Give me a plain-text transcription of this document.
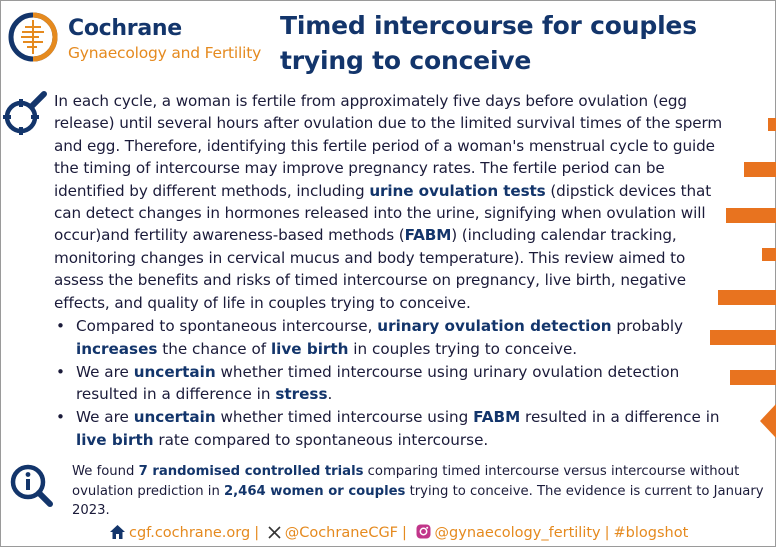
Cochrane
Gynaecology and Fertility
Timed intercourse for couples trying to conceive
In each cycle, a woman is fertile from approximately five days before ovulation (egg release) until several hours after ovulation due to the limited survival times of the sperm and egg. Therefore, identifying this fertile period of a woman's menstrual cycle to guide the timing of intercourse may improve pregnancy rates. The fertile period can be identified by different methods, including urine ovulation tests (dipstick devices that can detect changes in hormones released into the urine, signifying when ovulation will occur)and fertility awareness-based methods (FABM) (including calendar tracking, monitoring changes in cervical mucus and body temperature). This review aimed to assess the benefits and risks of timed intercourse on pregnancy, live birth, negative effects, and quality of life in couples trying to conceive.
• Compared to spontaneous intercourse, urinary ovulation detection probably increases the chance of live birth in couples trying to conceive.
• We are uncertain whether timed intercourse using urinary ovulation detection resulted in a difference in stress.
• We are uncertain whether timed intercourse using FABM resulted in a difference in live birth rate compared to spontaneous intercourse.
We found 7 randomised controlled trials comparing timed intercourse versus intercourse without ovulation prediction in 2,464 women or couples trying to conceive. The evidence is current to January 2023.
cgf.cochrane.org | @CochraneCGF | @gynaecology_fertility | #blogshot
